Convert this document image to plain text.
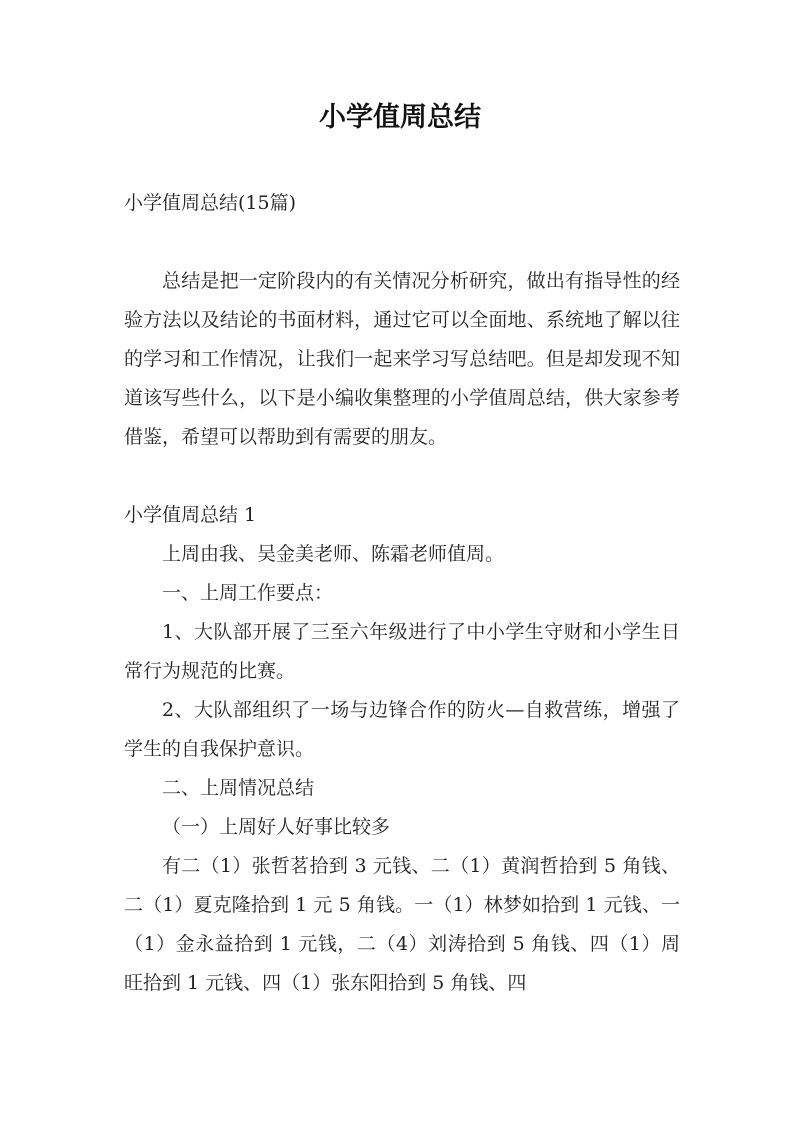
小学值周总结

小学值周总结(15篇)

总结是把一定阶段内的有关情况分析研究，做出有指导性的经验方法以及结论的书面材料，通过它可以全面地、系统地了解以往的学习和工作情况，让我们一起来学习写总结吧。但是却发现不知道该写些什么，以下是小编收集整理的小学值周总结，供大家参考借鉴，希望可以帮助到有需要的朋友。

小学值周总结 1

上周由我、吴金美老师、陈霜老师值周。

一、上周工作要点：

1、大队部开展了三至六年级进行了中小学生守财和小学生日常行为规范的比赛。

2、大队部组织了一场与边锋合作的防火—自救营练，增强了学生的自我保护意识。

二、上周情况总结

（一）上周好人好事比较多

有二（1）张哲茗拾到 3 元钱、二（1）黄润哲拾到 5 角钱、二（1）夏克隆拾到 1 元 5 角钱。一（1）林梦如拾到 1 元钱、一（1）金永益拾到 1 元钱，二（4）刘涛拾到 5 角钱、四（1）周旺拾到 1 元钱、四（1）张东阳拾到 5 角钱、四
